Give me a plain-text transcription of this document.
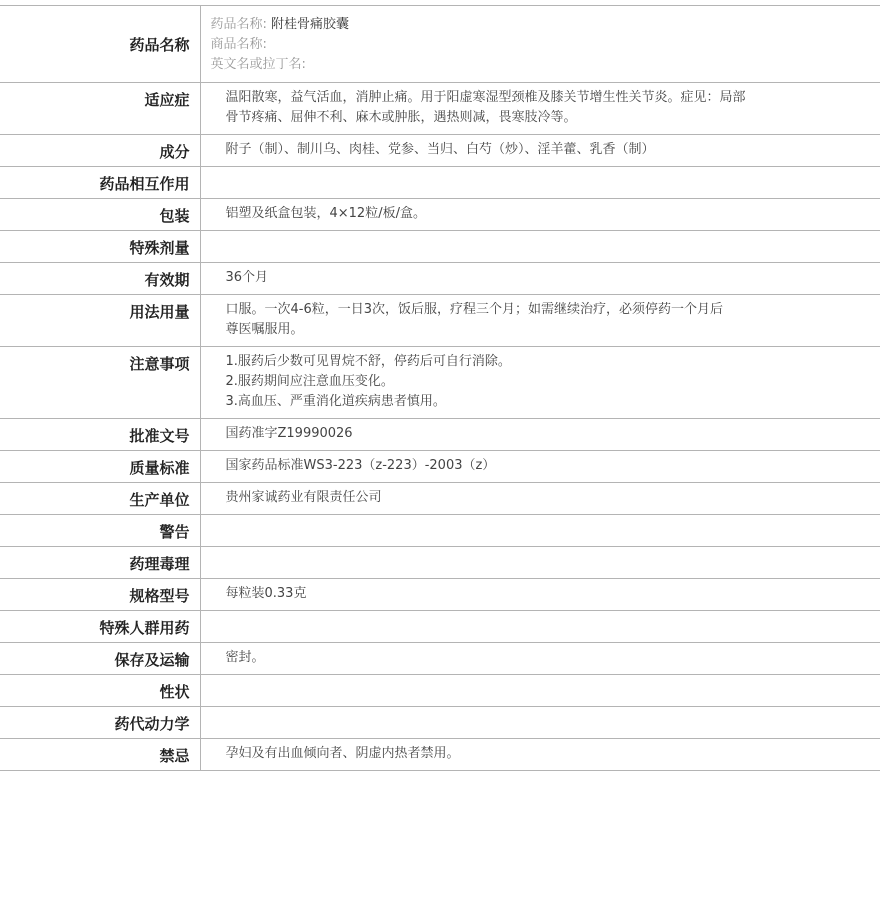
药品名称	药品名称: 附桂骨痛胶囊
商品名称:
英文名或拉丁名:

适应症	温阳散寒，益气活血，消肿止痛。用于阳虚寒湿型颈椎及膝关节增生性关节炎。症见：局部
骨节疼痛、屈伸不利、麻木或肿胀，遇热则减，畏寒肢冷等。

成分	附子（制）、制川乌、肉桂、党参、当归、白芍（炒）、淫羊藿、乳香（制）
药品相互作用	
包装	铝塑及纸盒包装，4×12粒/板/盒。
特殊剂量	
有效期	36个月
用法用量	口服。一次4-6粒，一日3次，饭后服，疗程三个月；如需继续治疗，必须停药一个月后
尊医嘱服用。

注意事项	1.服药后少数可见胃烷不舒，停药后可自行消除。
2.服药期间应注意血压变化。
3.高血压、严重消化道疾病患者慎用。

批准文号	国药准字Z19990026
质量标准	国家药品标准WS3-223（z-223）-2003（z）
生产单位	贵州家诚药业有限责任公司
警告	
药理毒理	
规格型号	每粒装0.33克
特殊人群用药	
保存及运输	密封。
性状	
药代动力学	
禁忌	孕妇及有出血倾向者、阴虚内热者禁用。
